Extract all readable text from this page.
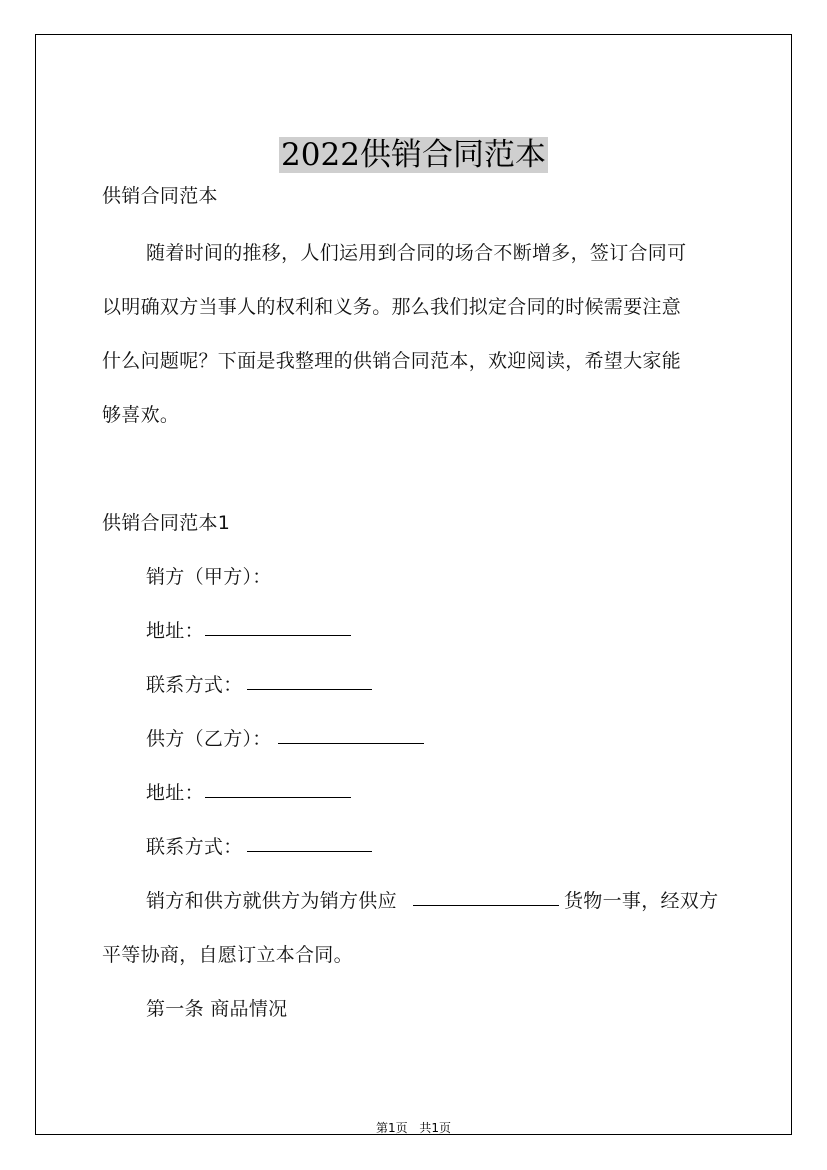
2022供销合同范本
供销合同范本
随着时间的推移，人们运用到合同的场合不断增多，签订合同可
以明确双方当事人的权利和义务。那么我们拟定合同的时候需要注意
什么问题呢？下面是我整理的供销合同范本，欢迎阅读，希望大家能
够喜欢。
供销合同范本1
销方（甲方）：
地址：
联系方式：
供方（乙方）：
地址：
联系方式：
销方和供方就供方为销方供应	货物一事，经双方
平等协商，自愿订立本合同。
第一条 商品情况
第1页 共1页
